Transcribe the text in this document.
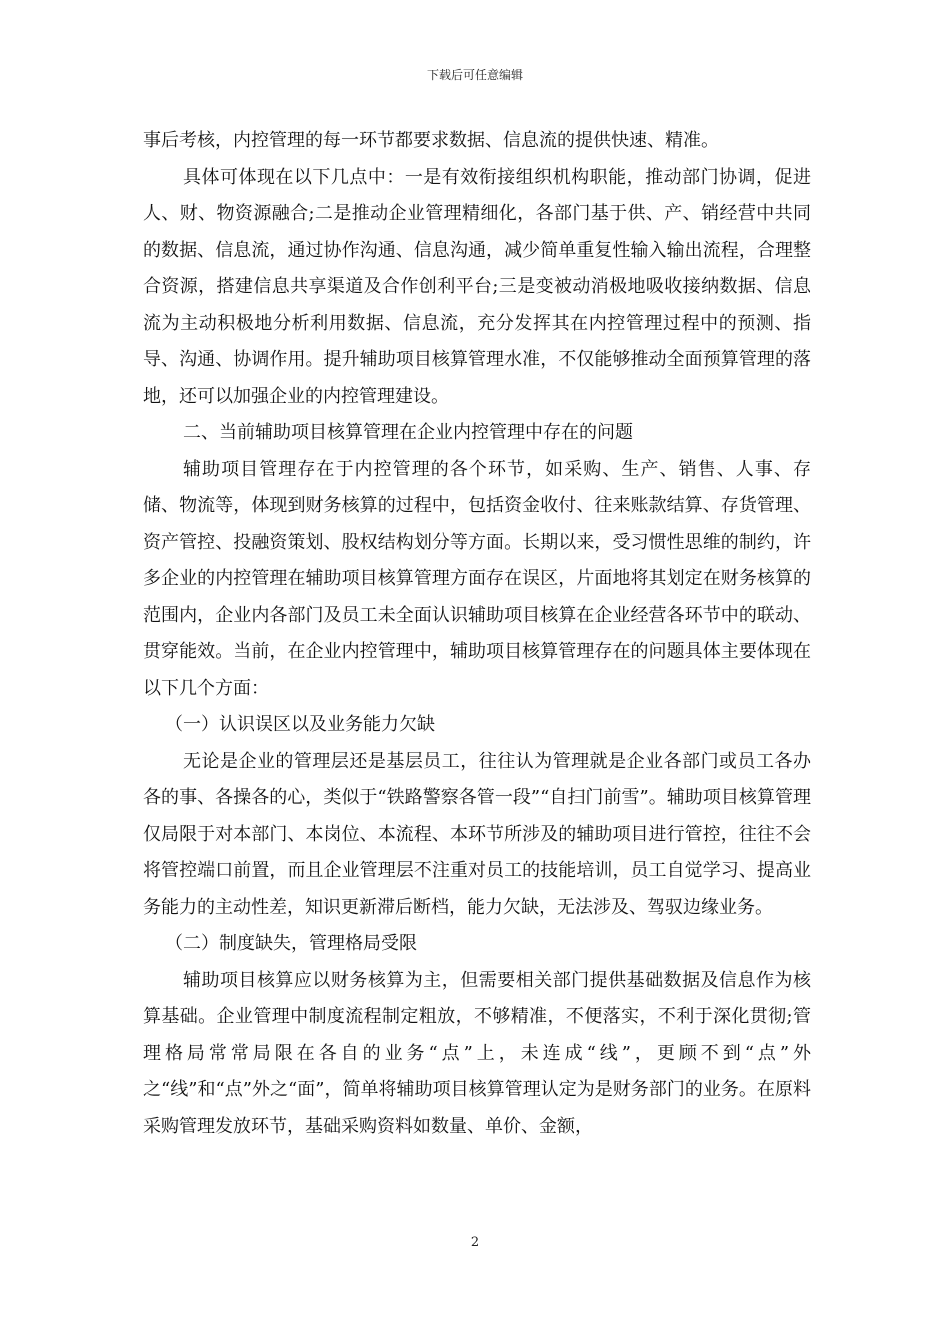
下载后可任意编辑

事后考核，内控管理的每一环节都要求数据、信息流的提供快速、精准。

具体可体现在以下几点中：一是有效衔接组织机构职能，推动部门协调，促进人、财、物资源融合;二是推动企业管理精细化，各部门基于供、产、销经营中共同的数据、信息流，通过协作沟通、信息沟通，减少简单重复性输入输出流程，合理整合资源，搭建信息共享渠道及合作创利平台;三是变被动消极地吸收接纳数据、信息流为主动积极地分析利用数据、信息流，充分发挥其在内控管理过程中的预测、指导、沟通、协调作用。提升辅助项目核算管理水准，不仅能够推动全面预算管理的落地，还可以加强企业的内控管理建设。

二、当前辅助项目核算管理在企业内控管理中存在的问题

辅助项目管理存在于内控管理的各个环节，如采购、生产、销售、人事、存储、物流等，体现到财务核算的过程中，包括资金收付、往来账款结算、存货管理、资产管控、投融资策划、股权结构划分等方面。长期以来，受习惯性思维的制约，许多企业的内控管理在辅助项目核算管理方面存在误区，片面地将其划定在财务核算的范围内，企业内各部门及员工未全面认识辅助项目核算在企业经营各环节中的联动、贯穿能效。当前，在企业内控管理中，辅助项目核算管理存在的问题具体主要体现在以下几个方面：

（一）认识误区以及业务能力欠缺

无论是企业的管理层还是基层员工，往往认为管理就是企业各部门或员工各办各的事、各操各的心，类似于“铁路警察各管一段”“自扫门前雪”。辅助项目核算管理仅局限于对本部门、本岗位、本流程、本环节所涉及的辅助项目进行管控，往往不会将管控端口前置，而且企业管理层不注重对员工的技能培训，员工自觉学习、提高业务能力的主动性差，知识更新滞后断档，能力欠缺，无法涉及、驾驭边缘业务。

（二）制度缺失，管理格局受限

辅助项目核算应以财务核算为主，但需要相关部门提供基础数据及信息作为核算基础。企业管理中制度流程制定粗放，不够精准，不便落实，不利于深化贯彻;管理格局常常局限在各自的业务“点”上，未连成“线”，更顾不到“点”外之“线”和“点”外之“面”，简单将辅助项目核算管理认定为是财务部门的业务。在原料采购管理发放环节，基础采购资料如数量、单价、金额，

2
